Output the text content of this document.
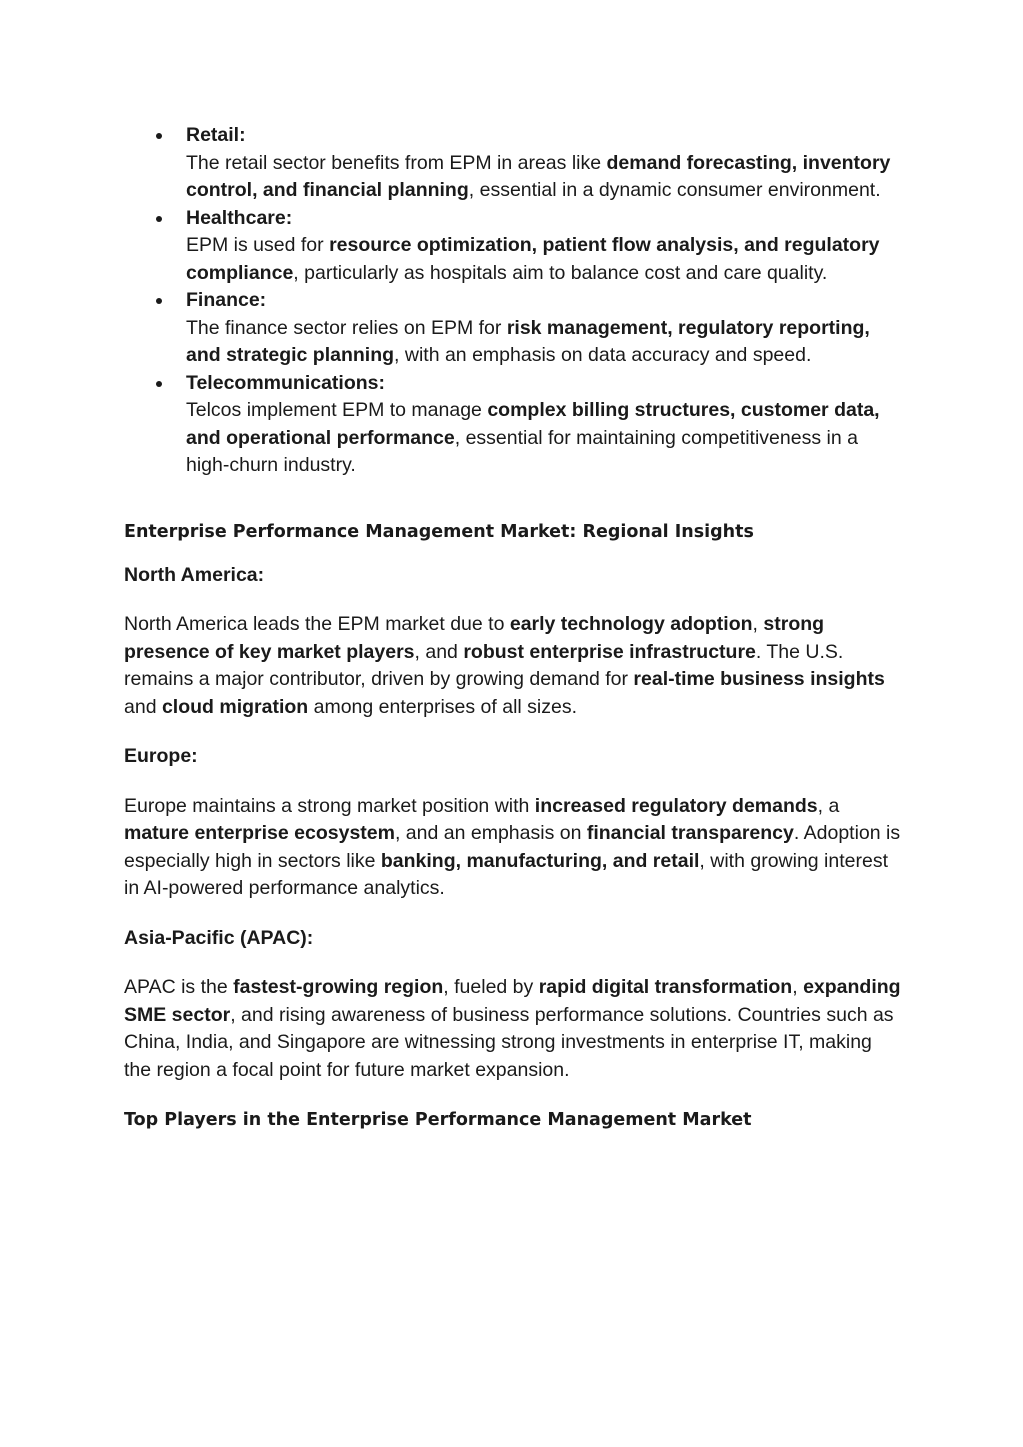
Retail:
The retail sector benefits from EPM in areas like demand forecasting, inventory control, and financial planning, essential in a dynamic consumer environment.
Healthcare:
EPM is used for resource optimization, patient flow analysis, and regulatory compliance, particularly as hospitals aim to balance cost and care quality.
Finance:
The finance sector relies on EPM for risk management, regulatory reporting, and strategic planning, with an emphasis on data accuracy and speed.
Telecommunications:
Telcos implement EPM to manage complex billing structures, customer data, and operational performance, essential for maintaining competitiveness in a high-churn industry.
Enterprise Performance Management Market: Regional Insights
North America:

North America leads the EPM market due to early technology adoption, strong presence of key market players, and robust enterprise infrastructure. The U.S. remains a major contributor, driven by growing demand for real-time business insights and cloud migration among enterprises of all sizes.

Europe:

Europe maintains a strong market position with increased regulatory demands, a mature enterprise ecosystem, and an emphasis on financial transparency. Adoption is especially high in sectors like banking, manufacturing, and retail, with growing interest in AI-powered performance analytics.

Asia-Pacific (APAC):

APAC is the fastest-growing region, fueled by rapid digital transformation, expanding SME sector, and rising awareness of business performance solutions. Countries such as China, India, and Singapore are witnessing strong investments in enterprise IT, making the region a focal point for future market expansion.

Top Players in the Enterprise Performance Management Market
